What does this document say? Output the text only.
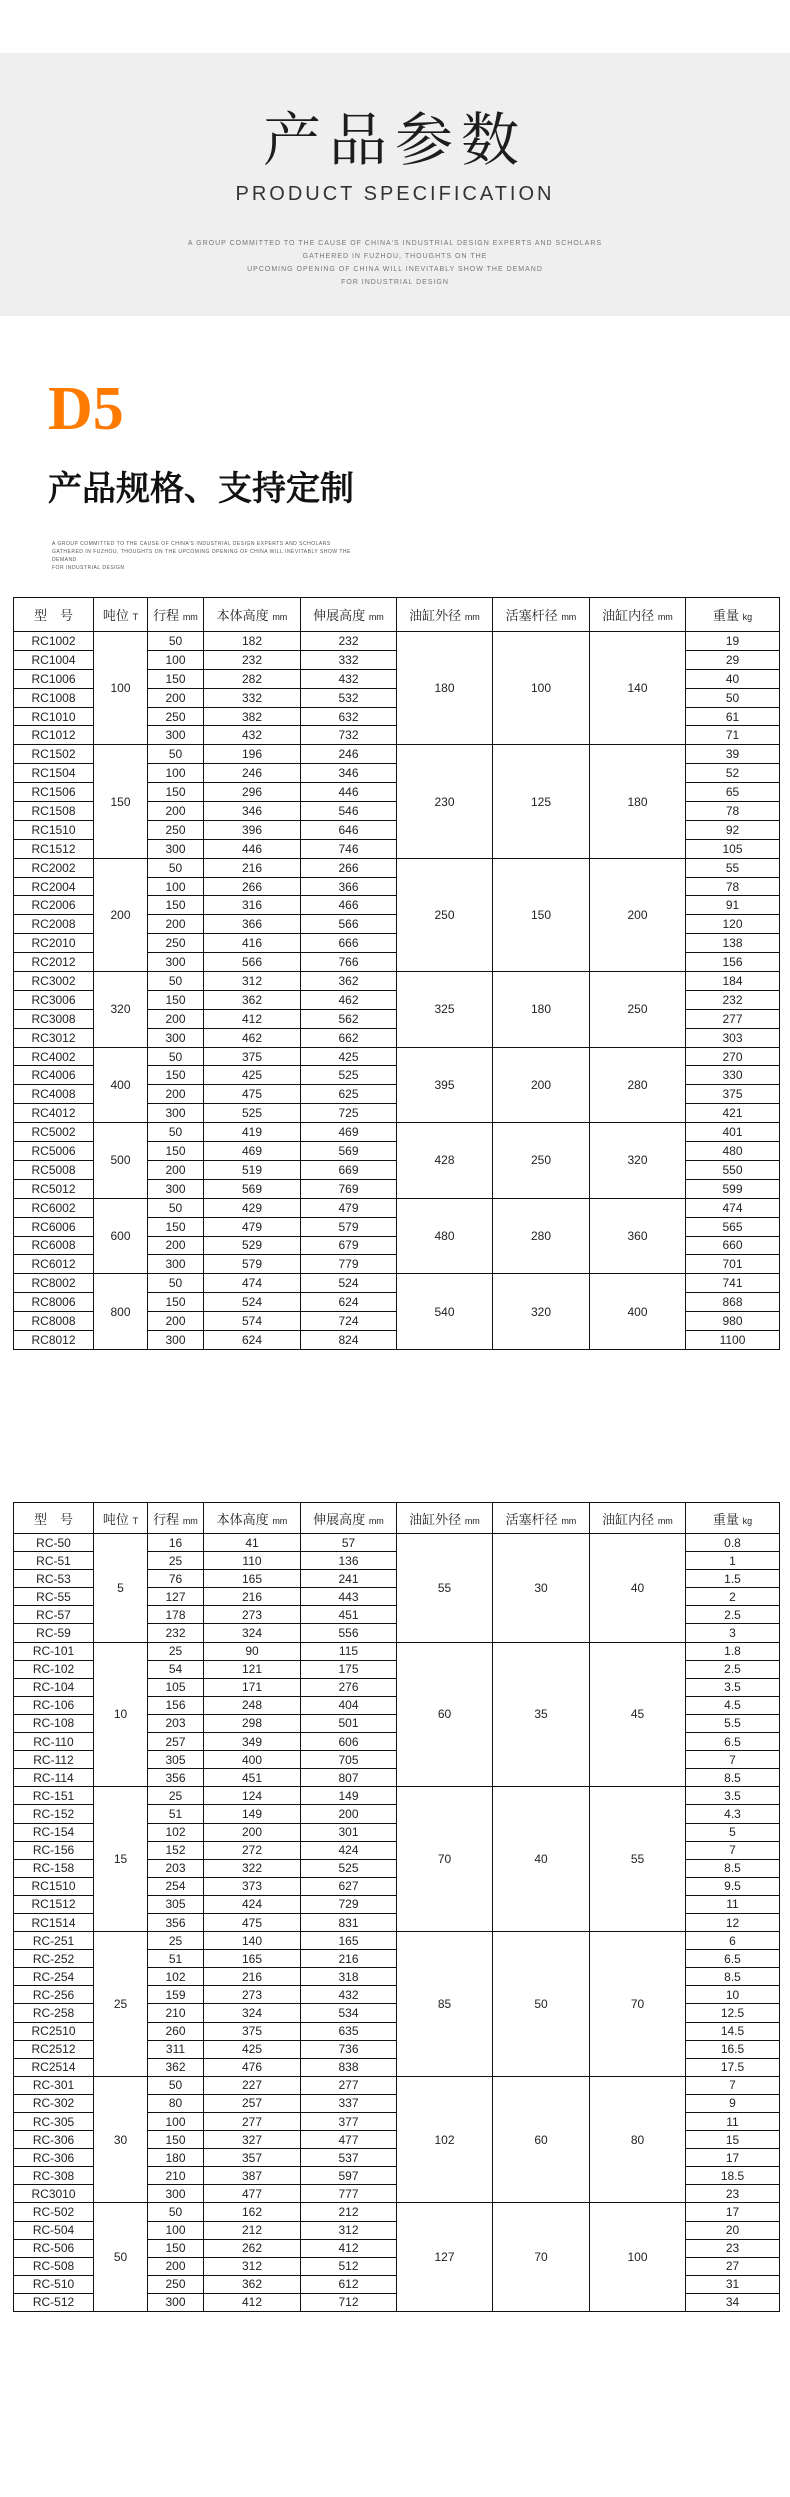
产品参数
PRODUCT SPECIFICATION
A GROUP COMMITTED TO THE CAUSE OF CHINA'S INDUSTRIAL DESIGN EXPERTS AND SCHOLARS
GATHERED IN FUZHOU, THOUGHTS ON THE
UPCOMING OPENING OF CHINA WILL INEVITABLY SHOW THE DEMAND
FOR INDUSTRIAL DESIGN
D5
产品规格、支持定制
A GROUP COMMITTED TO THE CAUSE OF CHINA'S INDUSTRIAL DESIGN EXPERTS AND SCHOLARS
GATHERED IN FUZHOU, THOUGHTS ON THE UPCOMING OPENING OF CHINA WILL INEVITABLY SHOW THE DEMAND
FOR INDUSTRIAL DESIGN
型　号	吨位 T	行程 mm	本体高度 mm	伸展高度 mm	油缸外径 mm	活塞杆径 mm	油缸内径 mm	重量 kg
RC1002	100	50	182	232	180	100	140	19
RC1004		100	232	332				29
RC1006		150	282	432				40
RC1008		200	332	532				50
RC1010		250	382	632				61
RC1012		300	432	732				71
RC1502	150	50	196	246	230	125	180	39
RC1504		100	246	346				52
RC1506		150	296	446				65
RC1508		200	346	546				78
RC1510		250	396	646				92
RC1512		300	446	746				105
RC2002	200	50	216	266	250	150	200	55
RC2004		100	266	366				78
RC2006		150	316	466				91
RC2008		200	366	566				120
RC2010		250	416	666				138
RC2012		300	566	766				156
RC3002	320	50	312	362	325	180	250	184
RC3006		150	362	462				232
RC3008		200	412	562				277
RC3012		300	462	662				303
RC4002	400	50	375	425	395	200	280	270
RC4006		150	425	525				330
RC4008		200	475	625				375
RC4012		300	525	725				421
RC5002	500	50	419	469	428	250	320	401
RC5006		150	469	569				480
RC5008		200	519	669				550
RC5012		300	569	769				599
RC6002	600	50	429	479	480	280	360	474
RC6006		150	479	579				565
RC6008		200	529	679				660
RC6012		300	579	779				701
RC8002	800	50	474	524	540	320	400	741
RC8006		150	524	624				868
RC8008		200	574	724				980
RC8012		300	624	824				1100
型　号	吨位 T	行程 mm	本体高度 mm	伸展高度 mm	油缸外径 mm	活塞杆径 mm	油缸内径 mm	重量 kg
RC-50	5	16	41	57	55	30	40	0.8
RC-51		25	110	136				1
RC-53		76	165	241				1.5
RC-55		127	216	443				2
RC-57		178	273	451				2.5
RC-59		232	324	556				3
RC-101	10	25	90	115	60	35	45	1.8
RC-102		54	121	175				2.5
RC-104		105	171	276				3.5
RC-106		156	248	404				4.5
RC-108		203	298	501				5.5
RC-110		257	349	606				6.5
RC-112		305	400	705				7
RC-114		356	451	807				8.5
RC-151	15	25	124	149	70	40	55	3.5
RC-152		51	149	200				4.3
RC-154		102	200	301				5
RC-156		152	272	424				7
RC-158		203	322	525				8.5
RC1510		254	373	627				9.5
RC1512		305	424	729				11
RC1514		356	475	831				12
RC-251	25	25	140	165	85	50	70	6
RC-252		51	165	216				6.5
RC-254		102	216	318				8.5
RC-256		159	273	432				10
RC-258		210	324	534				12.5
RC2510		260	375	635				14.5
RC2512		311	425	736				16.5
RC2514		362	476	838				17.5
RC-301	30	50	227	277	102	60	80	7
RC-302		80	257	337				9
RC-305		100	277	377				11
RC-306		150	327	477				15
RC-306		180	357	537				17
RC-308		210	387	597				18.5
RC3010		300	477	777				23
RC-502	50	50	162	212	127	70	100	17
RC-504		100	212	312				20
RC-506		150	262	412				23
RC-508		200	312	512				27
RC-510		250	362	612				31
RC-512		300	412	712				34
